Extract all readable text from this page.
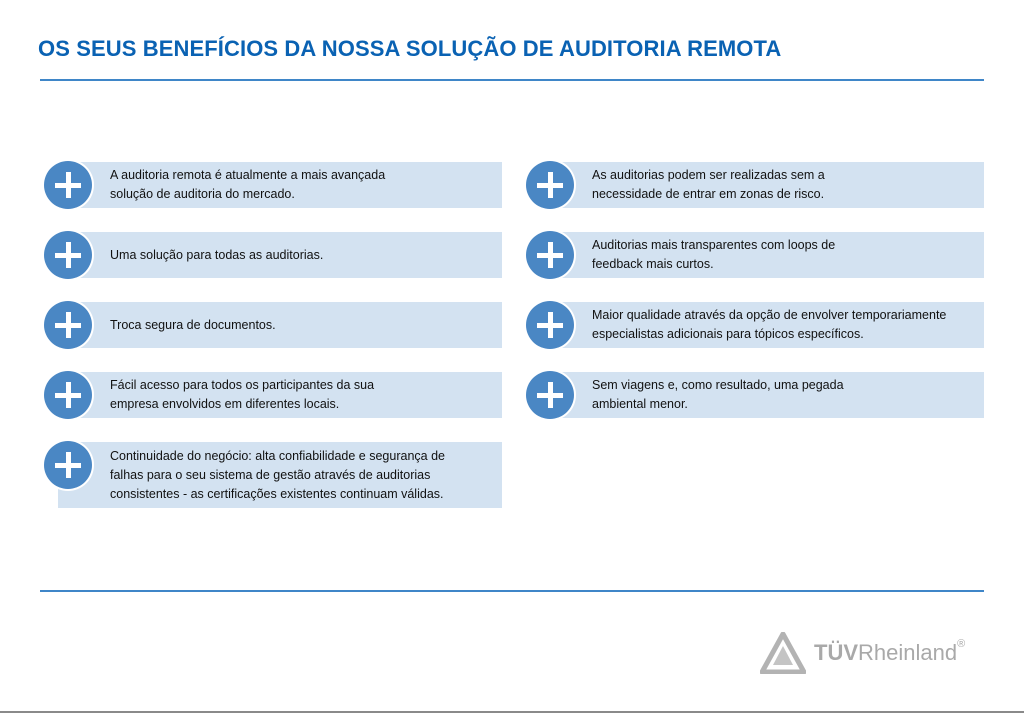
OS SEUS BENEFÍCIOS DA NOSSA SOLUÇÃO DE AUDITORIA REMOTA
A auditoria remota é atualmente a mais avançada
solução de auditoria do mercado.
Uma solução para todas as auditorias.
Troca segura de documentos.
Fácil acesso para todos os participantes da sua
empresa envolvidos em diferentes locais.
Continuidade do negócio: alta confiabilidade e segurança de
falhas para o seu sistema de gestão através de auditorias
consistentes - as certificações existentes continuam válidas.
As auditorias podem ser realizadas sem a
necessidade de entrar em zonas de risco.
Auditorias mais transparentes com loops de
feedback mais curtos.
Maior qualidade através da opção de envolver temporariamente
especialistas adicionais para tópicos específicos.
Sem viagens e, como resultado, uma pegada
ambiental menor.
TÜVRheinland®
